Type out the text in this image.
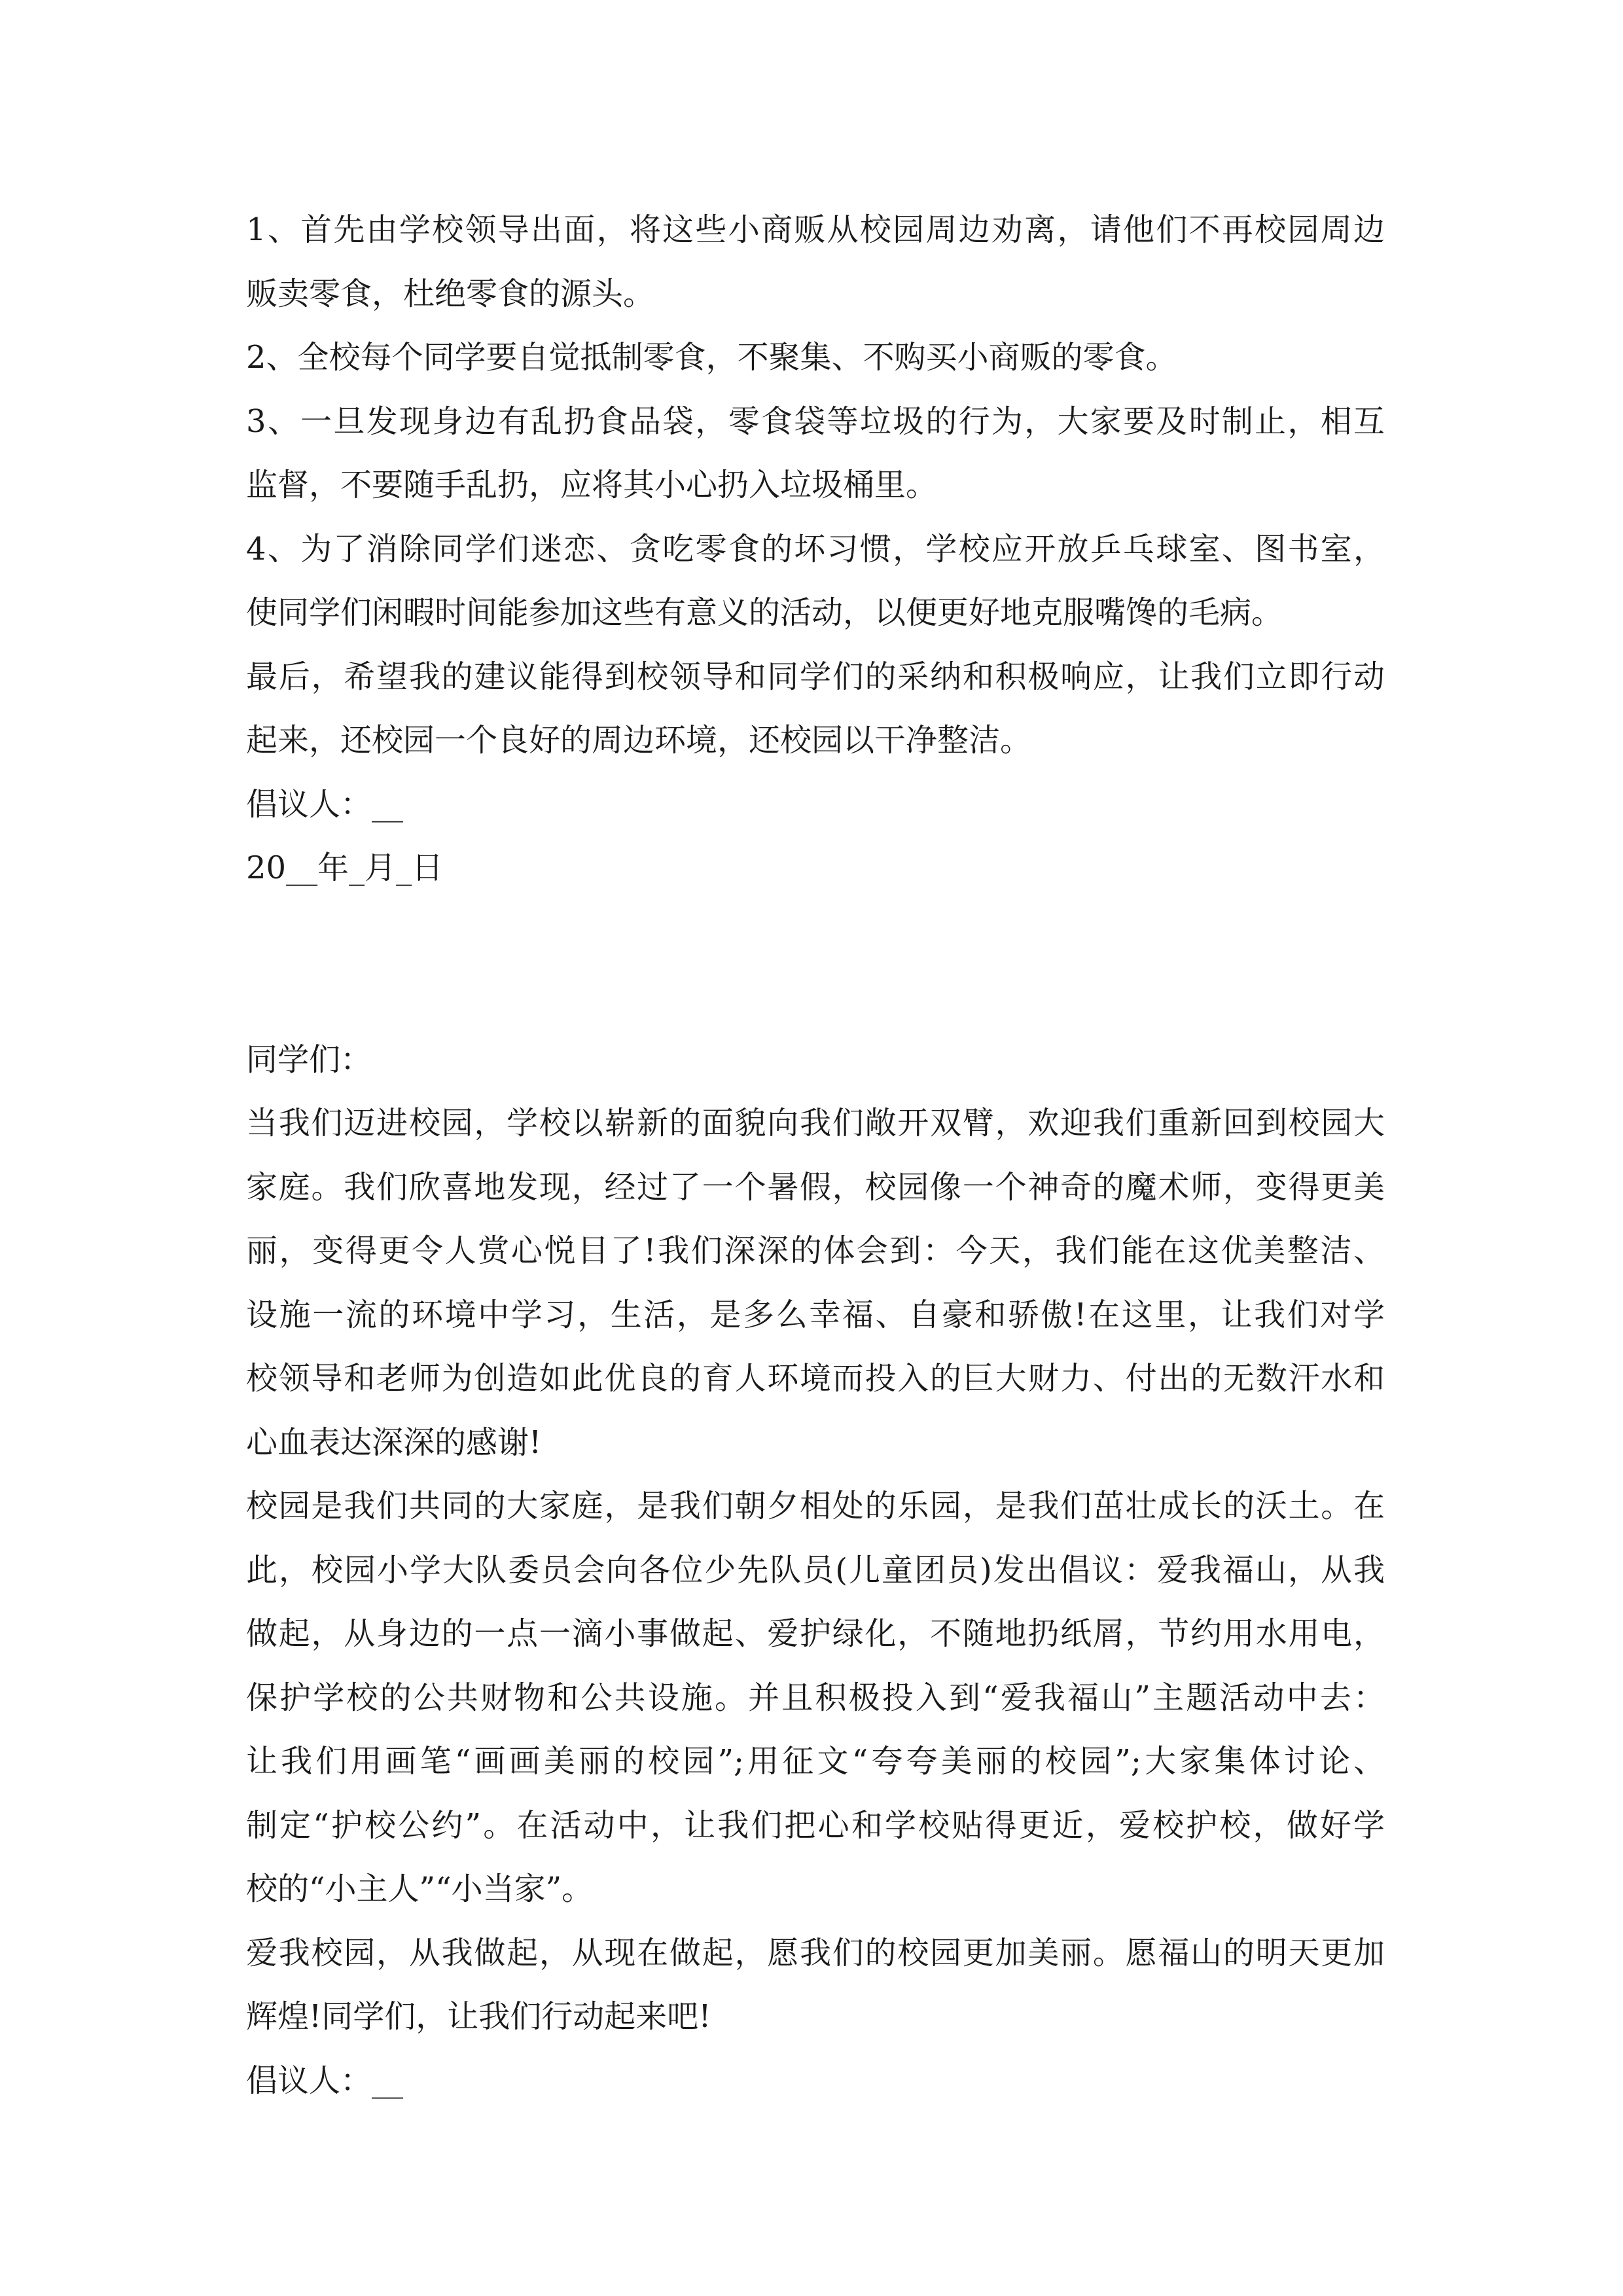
1、首先由学校领导出面，将这些小商贩从校园周边劝离，请他们不再校园周边
贩卖零食，杜绝零食的源头。
2、全校每个同学要自觉抵制零食，不聚集、不购买小商贩的零食。
3、一旦发现身边有乱扔食品袋，零食袋等垃圾的行为，大家要及时制止，相互
监督，不要随手乱扔，应将其小心扔入垃圾桶里。
4、为了消除同学们迷恋、贪吃零食的坏习惯，学校应开放乒乓球室、图书室，
使同学们闲暇时间能参加这些有意义的活动，以便更好地克服嘴馋的毛病。
最后，希望我的建议能得到校领导和同学们的采纳和积极响应，让我们立即行动
起来，还校园一个良好的周边环境，还校园以干净整洁。
倡议人：__
20__年_月_日
同学们：
当我们迈进校园，学校以崭新的面貌向我们敞开双臂，欢迎我们重新回到校园大
家庭。我们欣喜地发现，经过了一个暑假，校园像一个神奇的魔术师，变得更美
丽，变得更令人赏心悦目了!我们深深的体会到：今天，我们能在这优美整洁、
设施一流的环境中学习，生活，是多么幸福、自豪和骄傲!在这里，让我们对学
校领导和老师为创造如此优良的育人环境而投入的巨大财力、付出的无数汗水和
心血表达深深的感谢!
校园是我们共同的大家庭，是我们朝夕相处的乐园，是我们茁壮成长的沃土。在
此，校园小学大队委员会向各位少先队员(儿童团员)发出倡议：爱我福山，从我
做起，从身边的一点一滴小事做起、爱护绿化，不随地扔纸屑，节约用水用电，
保护学校的公共财物和公共设施。并且积极投入到“爱我福山”主题活动中去：
让我们用画笔“画画美丽的校园”;用征文“夸夸美丽的校园”;大家集体讨论、
制定“护校公约”。在活动中，让我们把心和学校贴得更近，爱校护校，做好学
校的“小主人”“小当家”。
爱我校园，从我做起，从现在做起，愿我们的校园更加美丽。愿福山的明天更加
辉煌!同学们，让我们行动起来吧!
倡议人：__
